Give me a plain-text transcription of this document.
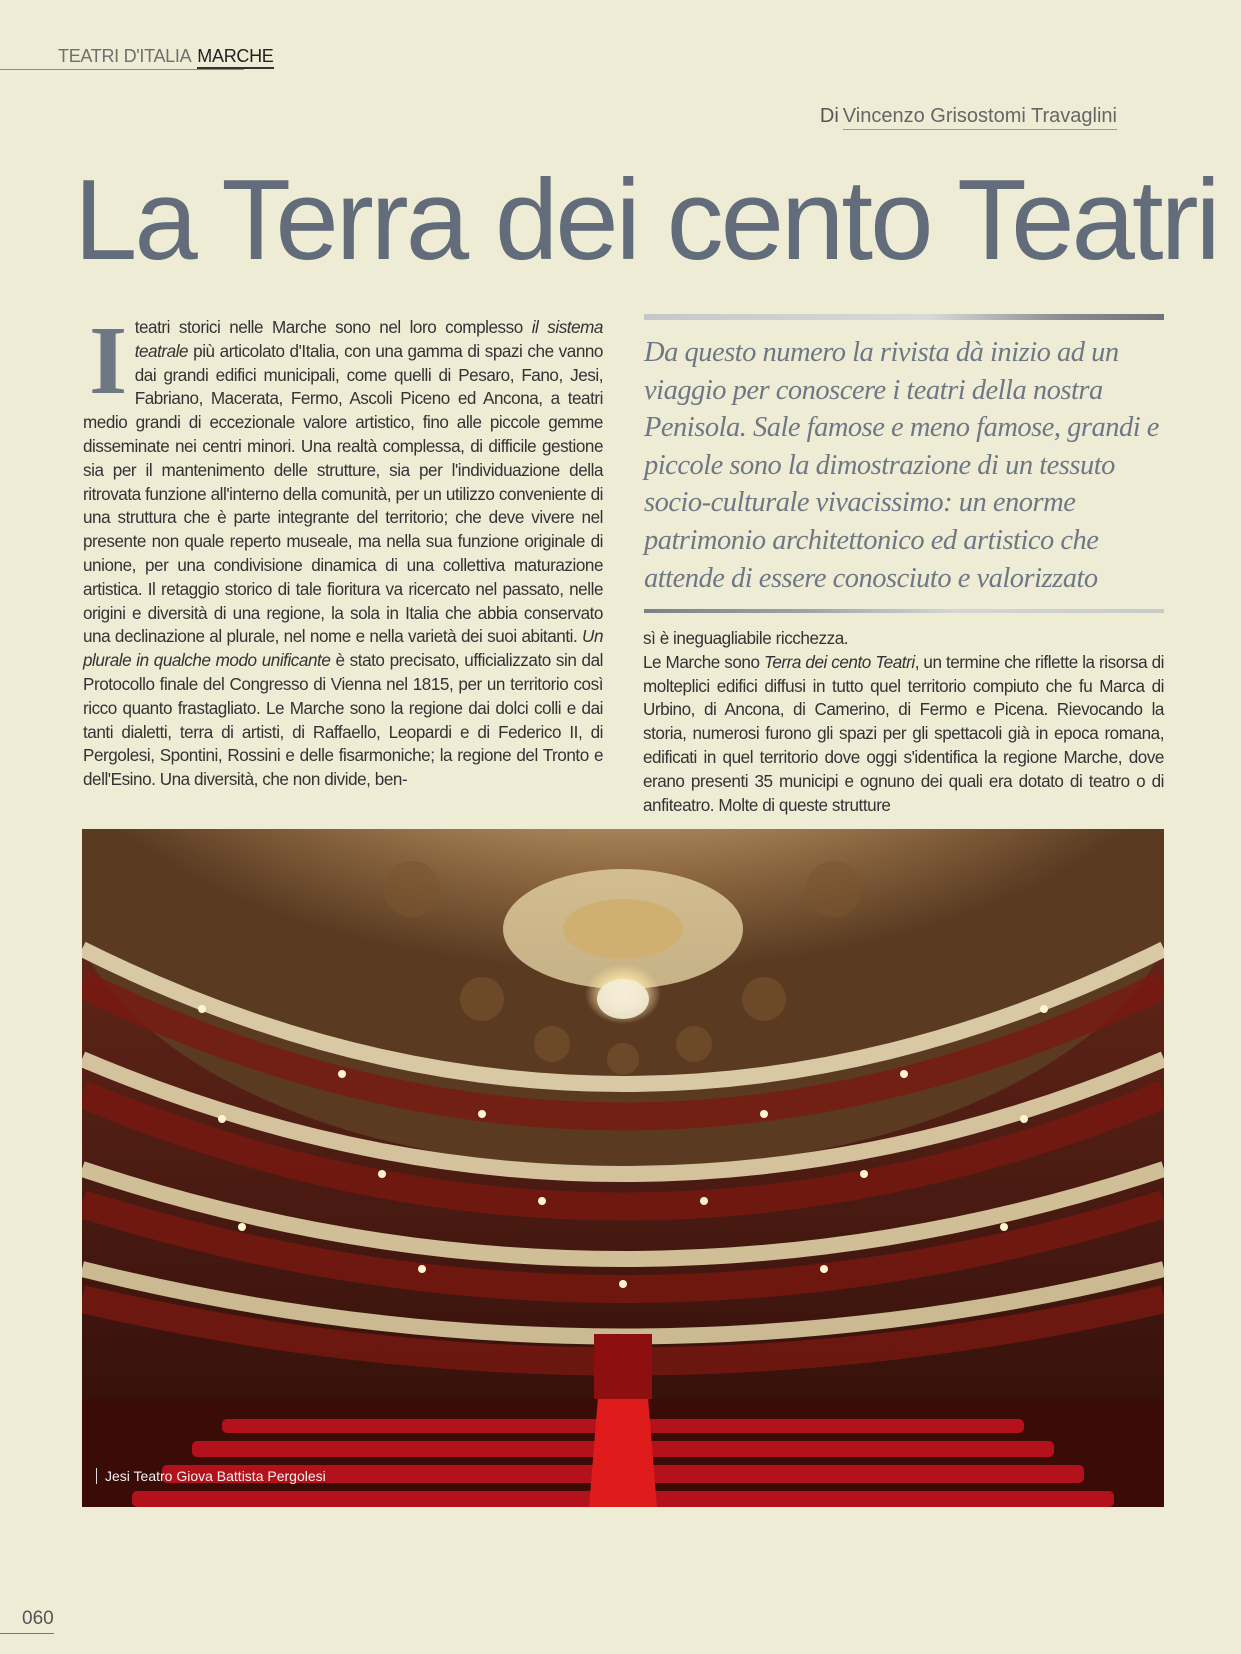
TEATRI D'ITALIA MARCHE
Di Vincenzo Grisostomi Travaglini
La Terra dei cento Teatri

I teatri storici nelle Marche sono nel loro complesso il sistema teatrale più articolato d'Italia, con una gamma di spazi che vanno dai grandi edifici municipali, come quelli di Pesaro, Fano, Jesi, Fabriano, Macerata, Fermo, Ascoli Piceno ed Ancona, a teatri medio grandi di eccezionale valore artistico, fino alle piccole gemme disseminate nei centri minori. Una realtà complessa, di difficile gestione sia per il mantenimento delle strutture, sia per l'individuazione della ritrovata funzione all'interno della comunità, per un utilizzo conveniente di una struttura che è parte integrante del territorio; che deve vivere nel presente non quale reperto museale, ma nella sua funzione originale di unione, per una condivisione dinamica di una collettiva maturazione artistica. Il retaggio storico di tale fioritura va ricercato nel passato, nelle origini e diversità di una regione, la sola in Italia che abbia conservato una declinazione al plurale, nel nome e nella varietà dei suoi abitanti. Un plurale in qualche modo unificante è stato precisato, ufficializzato sin dal Protocollo finale del Congresso di Vienna nel 1815, per un territorio così ricco quanto frastagliato. Le Marche sono la regione dai dolci colli e dai tanti dialetti, terra di artisti, di Raffaello, Leopardi e di Federico II, di Pergolesi, Spontini, Rossini e delle fisarmoniche; la regione del Tronto e dell'Esino. Una diversità, che non divide, ben-

Da questo numero la rivista dà inizio ad un viaggio per conoscere i teatri della nostra Penisola. Sale famose e meno famose, grandi e piccole sono la dimostrazione di un tessuto socio-culturale vivacissimo: un enorme patrimonio architettonico ed artistico che attende di essere conosciuto e valorizzato

sì è ineguagliabile ricchezza.
Le Marche sono Terra dei cento Teatri, un termine che riflette la risorsa di molteplici edifici diffusi in tutto quel territorio compiuto che fu Marca di Urbino, di Ancona, di Camerino, di Fermo e Picena. Rievocando la storia, numerosi furono gli spazi per gli spettacoli già in epoca romana, edificati in quel territorio dove oggi s'identifica la regione Marche, dove erano presenti 35 municipi e ognuno dei quali era dotato di teatro o di anfiteatro. Molte di queste strutture

Jesi Teatro Giova Battista Pergolesi
060
